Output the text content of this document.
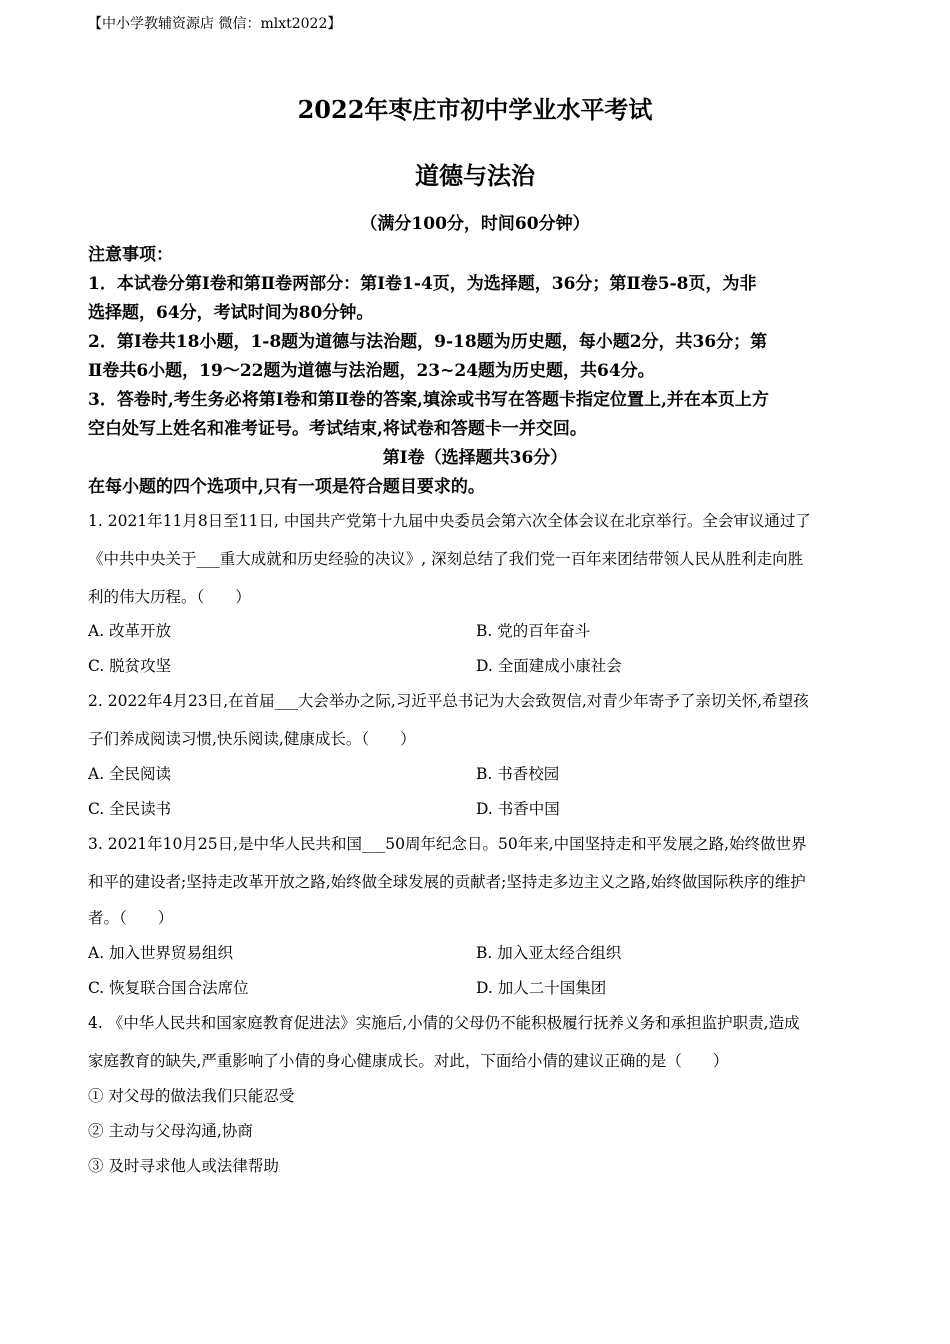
【中小学教辅资源店 微信：mlxt2022】
2022年枣庄市初中学业水平考试
道德与法治
（满分100分，时间60分钟）
注意事项：
1．本试卷分第Ⅰ卷和第Ⅱ卷两部分：第Ⅰ卷1-4页，为选择题，36分；第Ⅱ卷5-8页，为非
选择题，64分，考试时间为80分钟。
2．第Ⅰ卷共18小题，1-8题为道德与法治题，9-18题为历史题，每小题2分，共36分；第
Ⅱ卷共6小题，19～22题为道德与法治题，23~24题为历史题，共64分。
3．答卷时,考生务必将第Ⅰ卷和第Ⅱ卷的答案,填涂或书写在答题卡指定位置上,并在本页上方
空白处写上姓名和准考证号。考试结束,将试卷和答题卡一并交回。
第Ⅰ卷（选择题共36分）
在每小题的四个选项中,只有一项是符合题目要求的。
1. 2021年11月8日至11日, 中国共产党第十九届中央委员会第六次全体会议在北京举行。全会审议通过了
《中共中央关于___重大成就和历史经验的决议》, 深刻总结了我们党一百年来团结带领人民从胜利走向胜
利的伟大历程。（　　）
A. 改革开放	B. 党的百年奋斗
C. 脱贫攻坚	D. 全面建成小康社会
2. 2022年4月23日,在首届___大会举办之际,习近平总书记为大会致贺信,对青少年寄予了亲切关怀,希望孩
子们养成阅读习惯,快乐阅读,健康成长。（　　）
A. 全民阅读	B. 书香校园
C. 全民读书	D. 书香中国
3. 2021年10月25日,是中华人民共和国___50周年纪念日。50年来,中国坚持走和平发展之路,始终做世界
和平的建设者;坚持走改革开放之路,始终做全球发展的贡献者;坚持走多边主义之路,始终做国际秩序的维护
者。（　　）
A. 加入世界贸易组织	B. 加入亚太经合组织
C. 恢复联合国合法席位	D. 加人二十国集团
4. 《中华人民共和国家庭教育促进法》实施后,小倩的父母仍不能积极履行抚养义务和承担监护职责,造成
家庭教育的缺失,严重影响了小倩的身心健康成长。对此，下面给小倩的建议正确的是（　　）
① 对父母的做法我们只能忍受
② 主动与父母沟通,协商
③ 及时寻求他人或法律帮助
